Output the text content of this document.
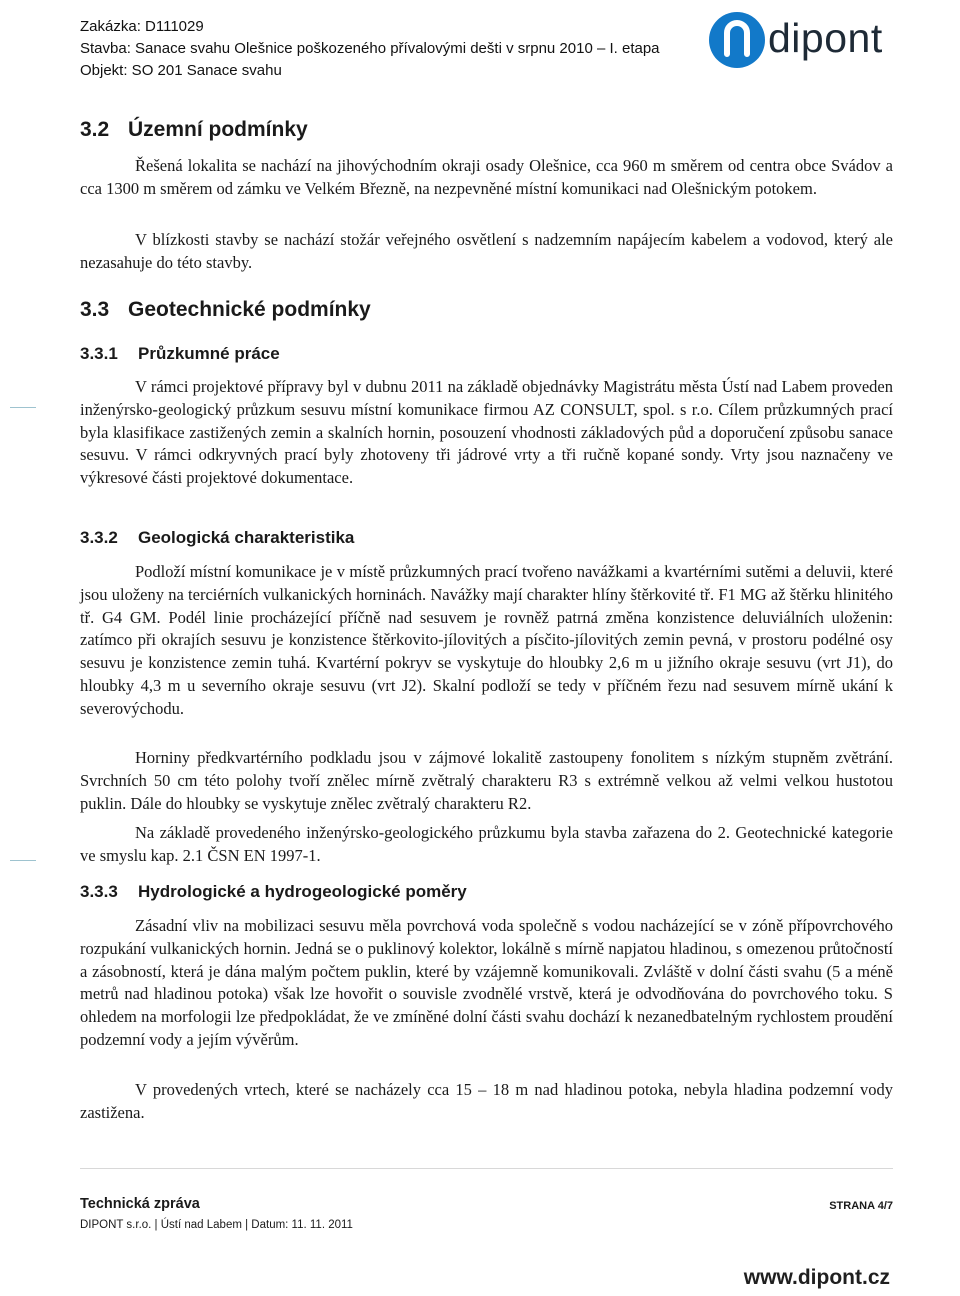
Zakázka: D111029
Stavba: Sanace svahu Olešnice poškozeného přívalovými dešti v srpnu 2010 – I. etapa
Objekt: SO 201 Sanace svahu
dipont
3.2 Územní podmínky

Řešená lokalita se nachází na jihovýchodním okraji osady Olešnice, cca 960 m směrem od centra obce Svádov a cca 1300 m směrem od zámku ve Velkém Březně, na nezpevněné místní komunikaci nad Olešnickým potokem.

V blízkosti stavby se nachází stožár veřejného osvětlení s nadzemním napájecím kabelem a vodovod, který ale nezasahuje do této stavby.

3.3 Geotechnické podmínky
3.3.1 Průzkumné práce

V rámci projektové přípravy byl v dubnu 2011 na základě objednávky Magistrátu města Ústí nad Labem proveden inženýrsko-geologický průzkum sesuvu místní komunikace firmou AZ CONSULT, spol. s r.o. Cílem průzkumných prací byla klasifikace zastižených zemin a skalních hornin, posouzení vhodnosti základových půd a doporučení způsobu sanace sesuvu. V rámci odkryvných prací byly zhotoveny tři jádrové vrty a tři ručně kopané sondy. Vrty jsou naznačeny ve výkresové části projektové dokumentace.

3.3.2 Geologická charakteristika

Podloží místní komunikace je v místě průzkumných prací tvořeno navážkami a kvartérními sutěmi a deluvii, které jsou uloženy na terciérních vulkanických horninách. Navážky mají charakter hlíny štěrkovité tř. F1 MG až štěrku hlinitého tř. G4 GM. Podél linie procházející příčně nad sesuvem je rovněž patrná změna konzistence deluviálních uloženin: zatímco při okrajích sesuvu je konzistence štěrkovito-jílovitých a písčito-jílovitých zemin pevná, v prostoru podélné osy sesuvu je konzistence zemin tuhá. Kvartérní pokryv se vyskytuje do hloubky 2,6 m u jižního okraje sesuvu (vrt J1), do hloubky 4,3 m u severního okraje sesuvu (vrt J2). Skalní podloží se tedy v příčném řezu nad sesuvem mírně ukání k severovýchodu.

Horniny předkvartérního podkladu jsou v zájmové lokalitě zastoupeny fonolitem s nízkým stupněm zvětrání. Svrchních 50 cm této polohy tvoří znělec mírně zvětralý charakteru R3 s extrémně velkou až velmi velkou hustotou puklin. Dále do hloubky se vyskytuje znělec zvětralý charakteru R2.

Na základě provedeného inženýrsko-geologického průzkumu byla stavba zařazena do 2. Geotechnické kategorie ve smyslu kap. 2.1 ČSN EN 1997-1.

3.3.3 Hydrologické a hydrogeologické poměry

Zásadní vliv na mobilizaci sesuvu měla povrchová voda společně s vodou nacházející se v zóně přípovrchového rozpukání vulkanických hornin. Jedná se o puklinový kolektor, lokálně s mírně napjatou hladinou, s omezenou průtočností a zásobností, která je dána malým počtem puklin, které by vzájemně komunikovali. Zvláště v dolní části svahu (5 a méně metrů nad hladinou potoka) však lze hovořit o souvisle zvodnělé vrstvě, která je odvodňována do povrchového toku. S ohledem na morfologii lze předpokládat, že ve zmíněné dolní části svahu dochází k nezanedbatelným rychlostem proudění podzemní vody a jejím vývěrům.

V provedených vrtech, které se nacházely cca 15 – 18 m nad hladinou potoka, nebyla hladina podzemní vody zastižena.

Technická zpráva
DIPONT s.r.o. | Ústí nad Labem | Datum: 11. 11. 2011
STRANA 4/7
www.dipont.cz
